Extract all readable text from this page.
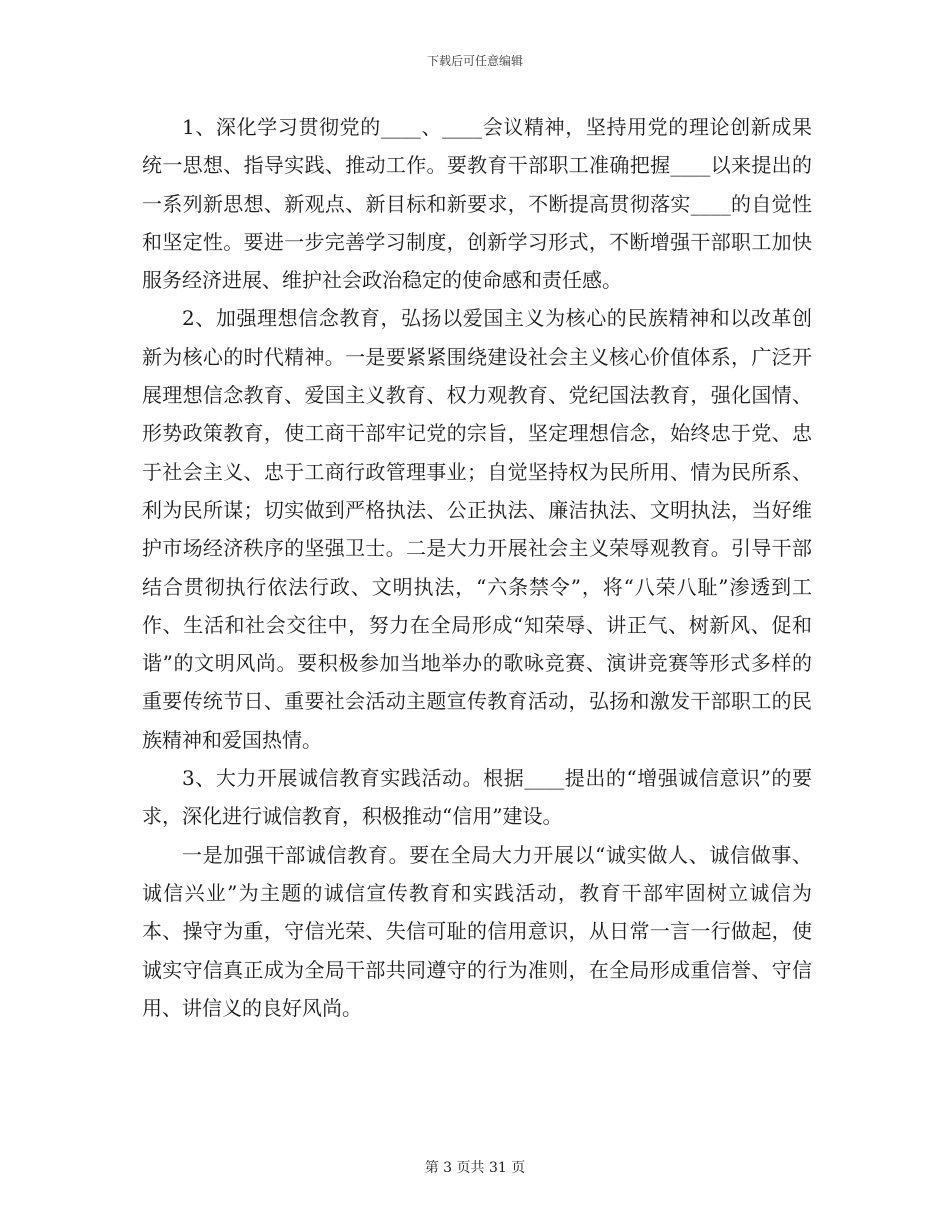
下载后可任意编辑

1、深化学习贯彻党的____、____会议精神，坚持用党的理论创新成果统一思想、指导实践、推动工作。要教育干部职工准确把握____以来提出的一系列新思想、新观点、新目标和新要求，不断提高贯彻落实____的自觉性和坚定性。要进一步完善学习制度，创新学习形式，不断增强干部职工加快服务经济进展、维护社会政治稳定的使命感和责任感。

2、加强理想信念教育，弘扬以爱国主义为核心的民族精神和以改革创新为核心的时代精神。一是要紧紧围绕建设社会主义核心价值体系，广泛开展理想信念教育、爱国主义教育、权力观教育、党纪国法教育，强化国情、形势政策教育，使工商干部牢记党的宗旨，坚定理想信念，始终忠于党、忠于社会主义、忠于工商行政管理事业；自觉坚持权为民所用、情为民所系、利为民所谋；切实做到严格执法、公正执法、廉洁执法、文明执法，当好维护市场经济秩序的坚强卫士。二是大力开展社会主义荣辱观教育。引导干部结合贯彻执行依法行政、文明执法，“六条禁令”，将“八荣八耻”渗透到工作、生活和社会交往中，努力在全局形成“知荣辱、讲正气、树新风、促和谐”的文明风尚。要积极参加当地举办的歌咏竞赛、演讲竞赛等形式多样的重要传统节日、重要社会活动主题宣传教育活动，弘扬和激发干部职工的民族精神和爱国热情。

3、大力开展诚信教育实践活动。根据____提出的“增强诚信意识”的要求，深化进行诚信教育，积极推动“信用”建设。

一是加强干部诚信教育。要在全局大力开展以“诚实做人、诚信做事、诚信兴业”为主题的诚信宣传教育和实践活动，教育干部牢固树立诚信为本、操守为重，守信光荣、失信可耻的信用意识，从日常一言一行做起，使诚实守信真正成为全局干部共同遵守的行为准则，在全局形成重信誉、守信用、讲信义的良好风尚。

第 3 页共 31 页
